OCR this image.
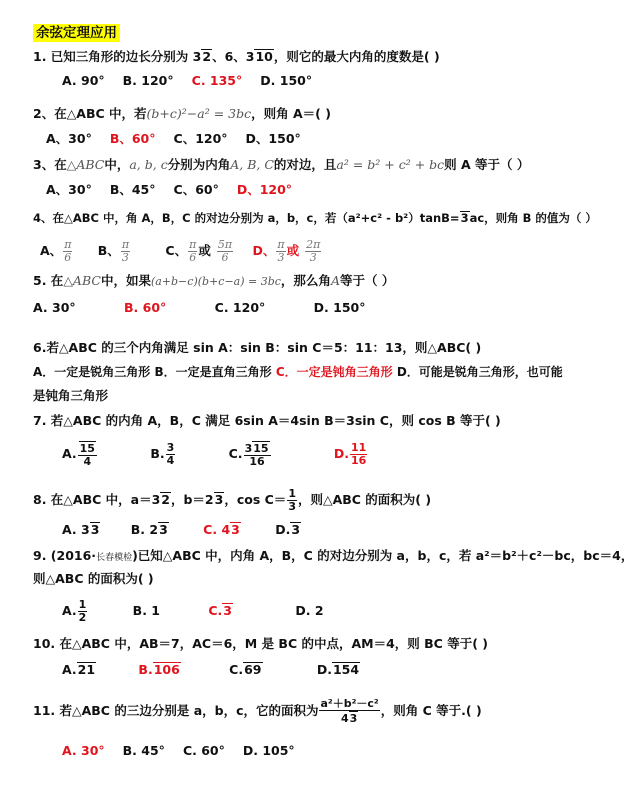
余弦定理应用
1. 已知三角形的边长分别为 32、6、310，则它的最大内角的度数是( )
A. 90° B. 120° C. 135° D. 150°
2、在△ABC 中，若(b+c)²−a² = 3bc，则角 A＝( )
A、30° B、60° C、120° D、150°
3、在△ABC中，a, b, c分别为内角A, B, C的对边，且a² = b² + c² + bc则 A 等于（ ）
A、30° B、45° C、60° D、120°
4、在△ABC 中，角 A，B，C 的对边分别为 a，b，c，若（a²+c² - b²）tanB=3ac，则角 B 的值为（ ）
A、 $\frac{\pi}{6}$ B、 $\frac{\pi}{3}$	C、 $\frac{\pi}{6}$ 或 $\frac{5\pi}{6}$ D、 $\frac{\pi}{3}$ 或 $\frac{2\pi}{3}$
5. 在△ABC中，如果(a+b−c)(b+c−a) = 3bc，那么角A等于（ ）
A. 30°	B. 60°	C. 120°	D. 150°
6.若△ABC 的三个内角满足 sin A：sin B：sin C＝5：11：13，则△ABC( )
A．一定是锐角三角形 B．一定是直角三角形 C．一定是钝角三角形 D．可能是锐角三角形，也可能
是钝角三角形
7. 若△ABC 的内角 A，B，C 满足 6sin A＝4sin B＝3sin C，则 cos B 等于( )
A. $\frac{15}{4}$	B. $\frac{3}{4}$	C. $\frac{315}{16}$	D. $\frac{11}{16}$
8. 在△ABC 中，a＝32，b＝23，$\cos C= \frac{1}{3}$ ，则△ABC 的面积为( )
A. 33	B. 23	C. 43	D.3
9. (2016·长春模检)已知△ABC 中，内角 A，B，C 的对边分别为 a，b，c，若 a²＝b²＋c²－bc，bc＝4，
则△ABC 的面积为( )
A. $\frac{1}{2}$	B. 1	C.3	D. 2
10. 在△ABC 中，AB＝7，AC＝6，M 是 BC 的中点，AM＝4，则 BC 等于( )
A.21	B.106	C.69	D.154
11. 若△ABC 的三边分别是 a，b，c，它的面积为 $\frac{\text{a²＋b²－c²}}{43}$ ，则角 C 等于.( )
A. 30° B. 45° C. 60° D. 105°
